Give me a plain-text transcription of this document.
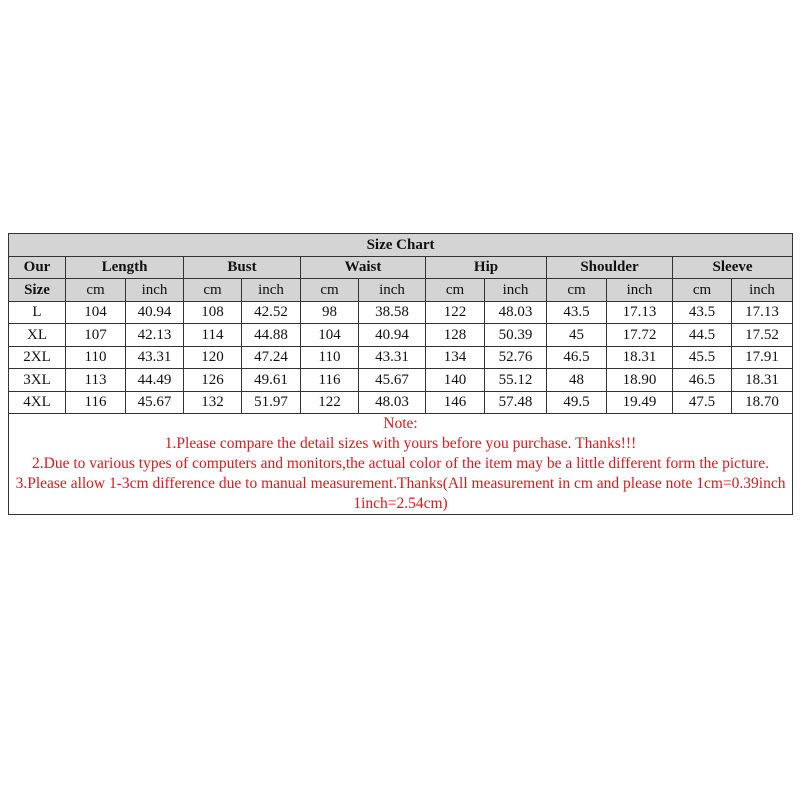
Size Chart												
Our	Length		Bust		Waist		Hip		Shoulder		Sleeve	
Size	cm	inch	cm	inch	cm	inch	cm	inch	cm	inch	cm	inch
L	104	40.94	108	42.52	98	38.58	122	48.03	43.5	17.13	43.5	17.13
XL	107	42.13	114	44.88	104	40.94	128	50.39	45	17.72	44.5	17.52
2XL	110	43.31	120	47.24	110	43.31	134	52.76	46.5	18.31	45.5	17.91
3XL	113	44.49	126	49.61	116	45.67	140	55.12	48	18.90	46.5	18.31
4XL	116	45.67	132	51.97	122	48.03	146	57.48	49.5	19.49	47.5	18.70

Note:
1.Please compare the detail sizes with yours before you purchase. Thanks!!!
2.Due to various types of computers and monitors,the actual color of the item may be a little different form the picture.
3.Please allow 1-3cm difference due to manual measurement.Thanks(All measurement in cm and please note 1cm=0.39inch 1inch=2.54cm)												
